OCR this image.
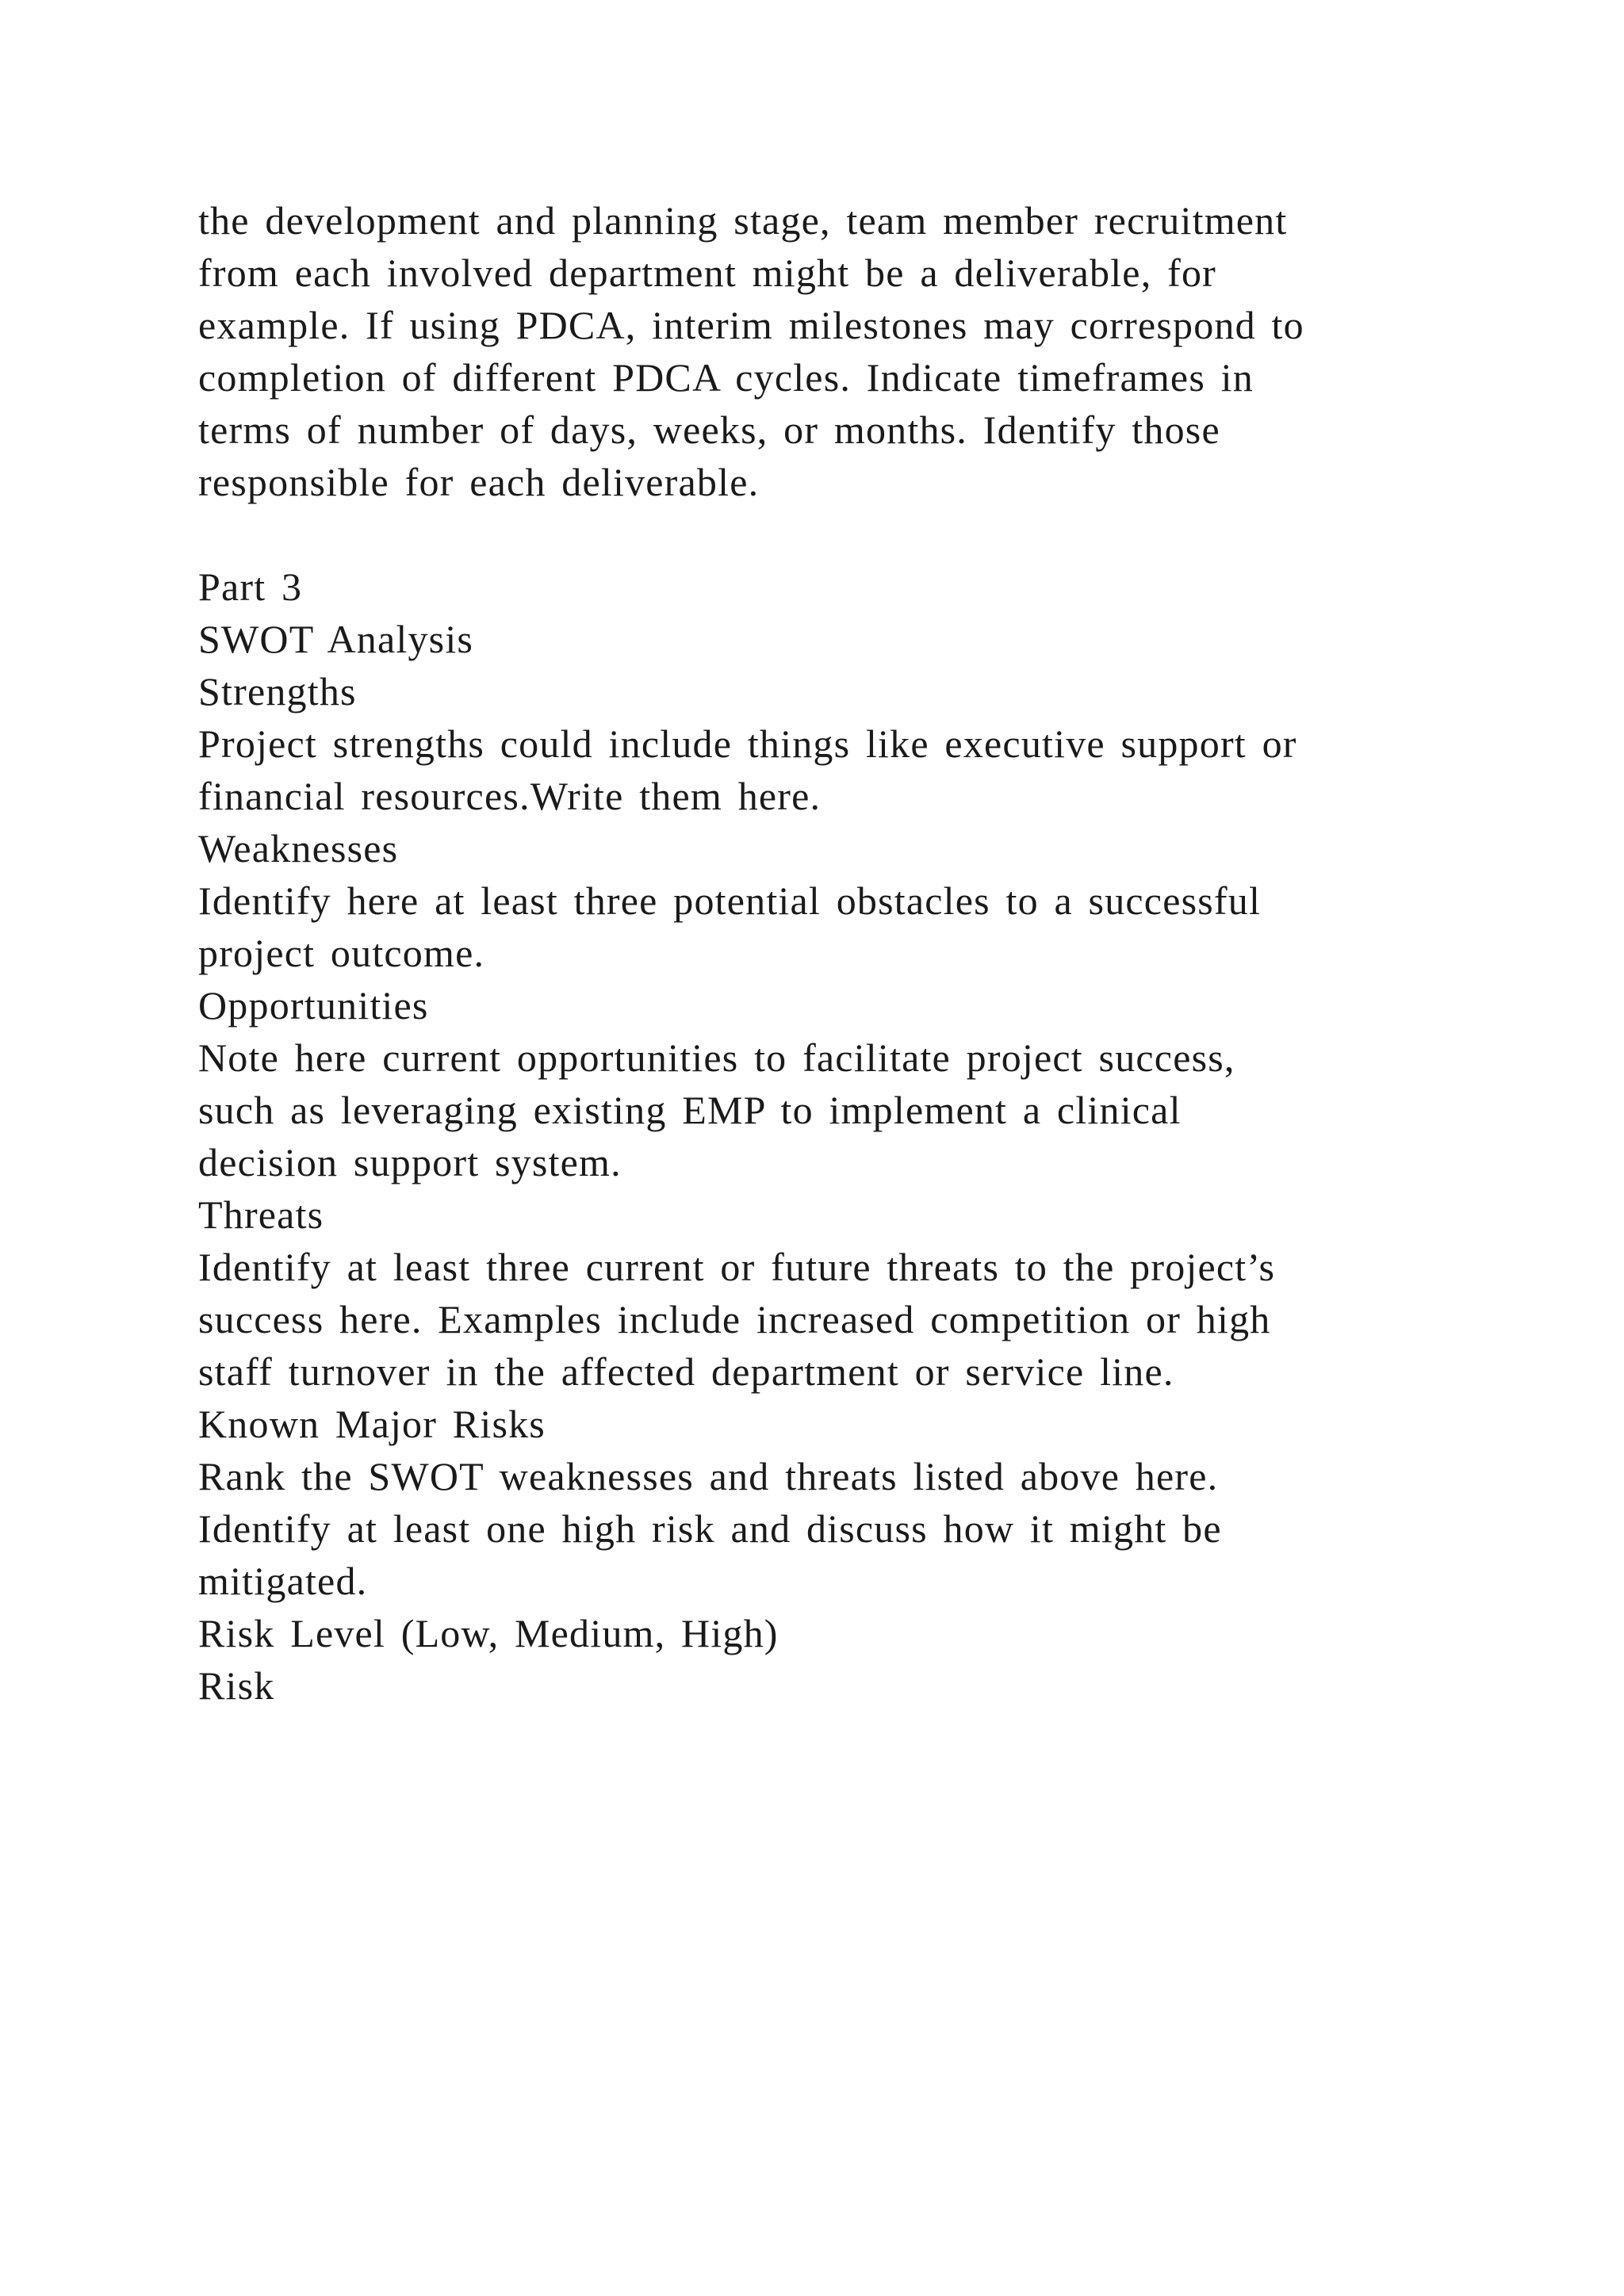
the development and planning stage, team member recruitment
from each involved department might be a deliverable, for
example. If using PDCA, interim milestones may correspond to
completion of different PDCA cycles. Indicate timeframes in
terms of number of days, weeks, or months. Identify those
responsible for each deliverable.
Part 3
SWOT Analysis
Strengths
Project strengths could include things like executive support or
financial resources.Write them here.
Weaknesses
Identify here at least three potential obstacles to a successful
project outcome.
Opportunities
Note here current opportunities to facilitate project success,
such as leveraging existing EMP to implement a clinical
decision support system.
Threats
Identify at least three current or future threats to the project’s
success here. Examples include increased competition or high
staff turnover in the affected department or service line.
Known Major Risks
Rank the SWOT weaknesses and threats listed above here.
Identify at least one high risk and discuss how it might be
mitigated.
Risk Level (Low, Medium, High)
Risk
